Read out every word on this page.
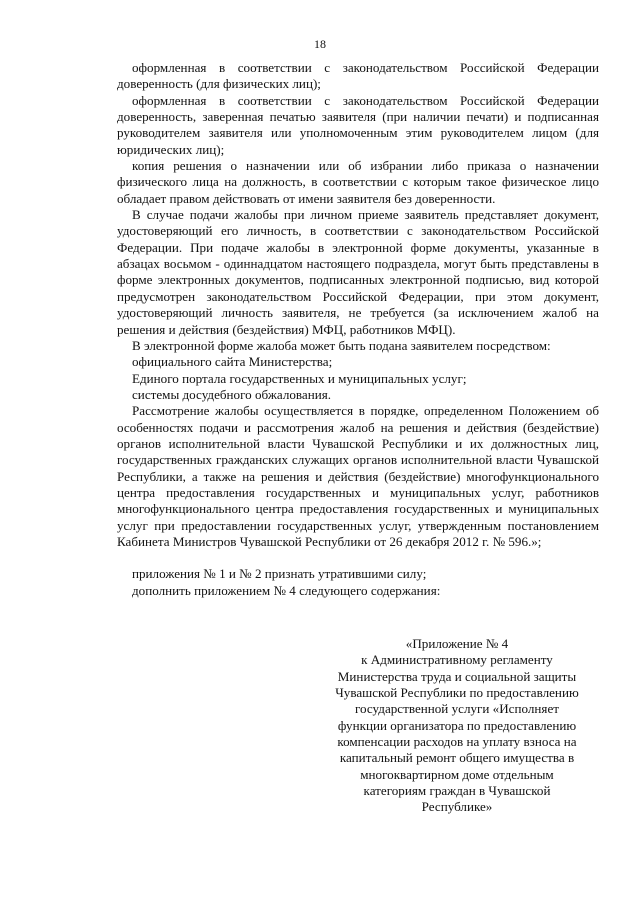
18

оформленная в соответствии с законодательством Российской Федерации доверенность (для физических лиц);

оформленная в соответствии с законодательством Российской Федерации доверенность, заверенная печатью заявителя (при наличии печати) и подписанная руководителем заявителя или уполномоченным этим руководителем лицом (для юридических лиц);

копия решения о назначении или об избрании либо приказа о назначении физического лица на должность, в соответствии с которым такое физическое лицо обладает правом действовать от имени заявителя без доверенности.

В случае подачи жалобы при личном приеме заявитель представляет документ, удостоверяющий его личность, в соответствии с законодательством Российской Федерации. При подаче жалобы в электронной форме документы, указанные в абзацах восьмом - одиннадцатом настоящего подраздела, могут быть представлены в форме электронных документов, подписанных электронной подписью, вид которой предусмотрен законодательством Российской Федерации, при этом документ, удостоверяющий личность заявителя, не требуется (за исключением жалоб на решения и действия (бездействия) МФЦ, работников МФЦ).

В электронной форме жалоба может быть подана заявителем посредством:

официального сайта Министерства;

Единого портала государственных и муниципальных услуг;

системы досудебного обжалования.

Рассмотрение жалобы осуществляется в порядке, определенном Положением об особенностях подачи и рассмотрения жалоб на решения и действия (бездействие) органов исполнительной власти Чувашской Республики и их должностных лиц, государственных гражданских служащих органов исполнительной власти Чувашской Республики, а также на решения и действия (бездействие) многофункционального центра предоставления государственных и муниципальных услуг, работников многофункционального центра предоставления государственных и муниципальных услуг при предоставлении государственных услуг, утвержденным постановлением Кабинета Министров Чувашской Республики от 26 декабря 2012 г. № 596.»;

приложения № 1 и № 2 признать утратившими силу;

дополнить приложением № 4 следующего содержания:

«Приложение № 4
к Административному регламенту
Министерства труда и социальной защиты
Чувашской Республики по предоставлению
государственной услуги «Исполняет
функции организатора по предоставлению
компенсации расходов на уплату взноса на
капитальный ремонт общего имущества в
многоквартирном доме отдельным
категориям граждан в Чувашской
Республике»
